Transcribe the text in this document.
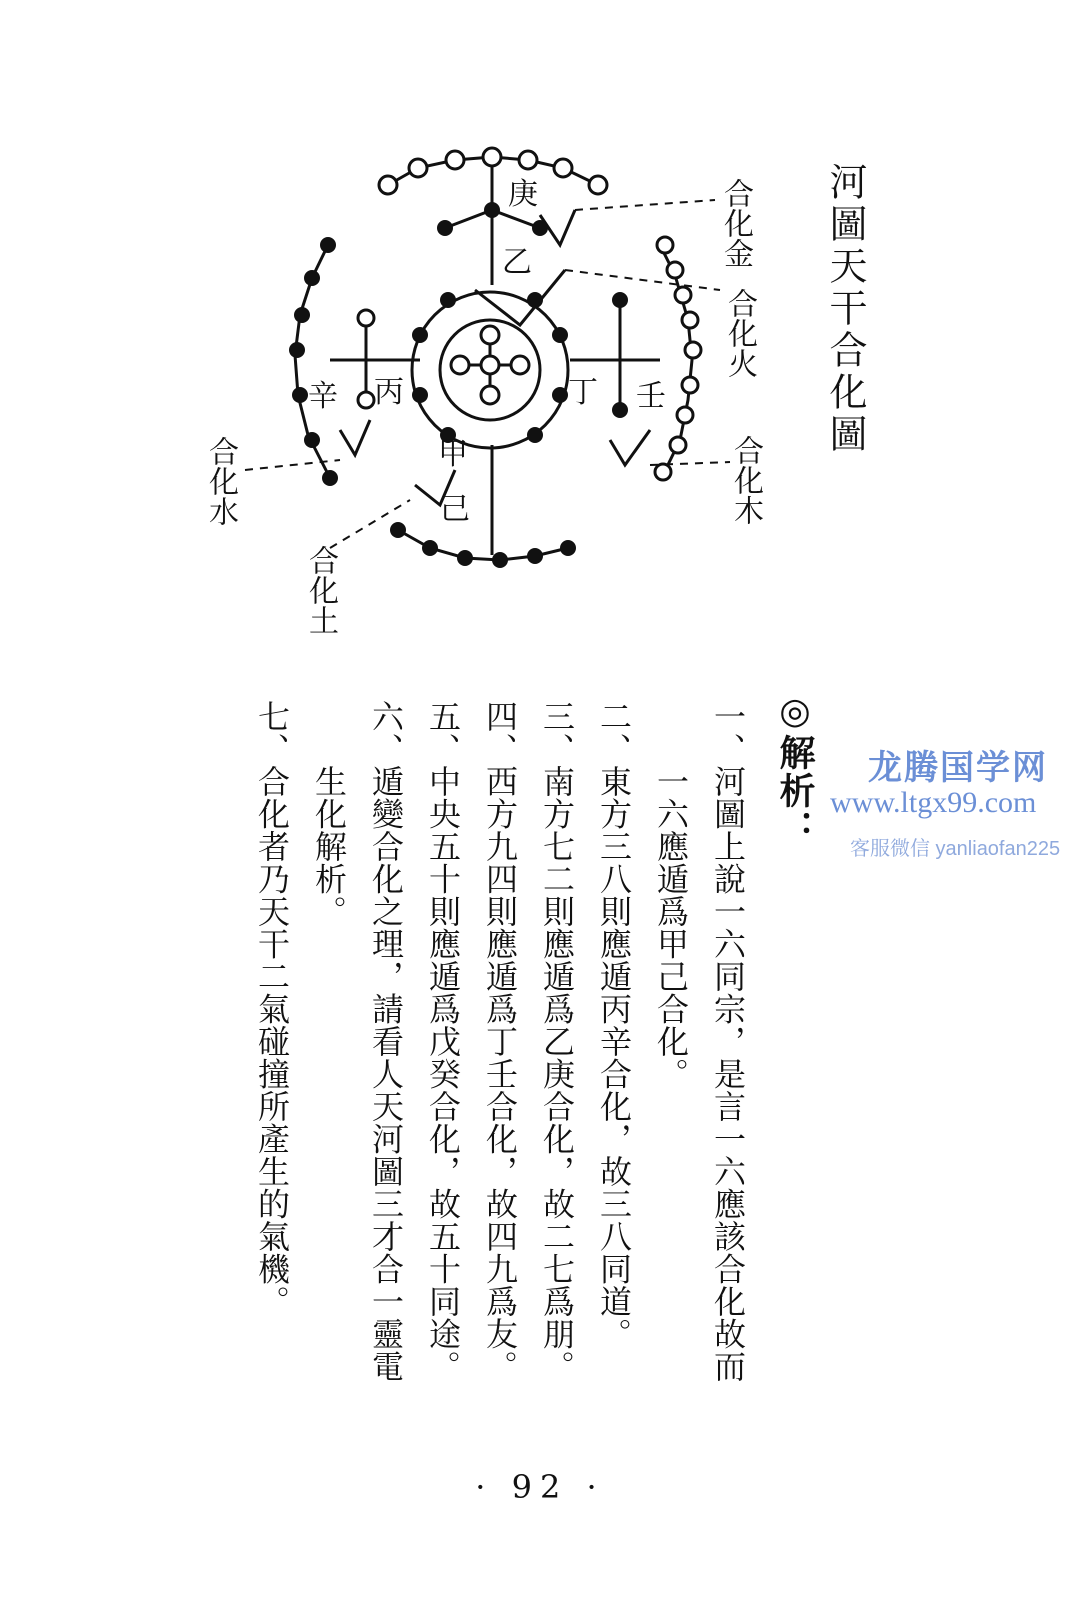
庚
乙
丙
辛	丁 壬
甲
己
河圖天干合化圖
合化金
合化火
合化木
合化水
合化土
◎解析：
一、河圖上說一六同宗，是言一六應該合化故而
一六應遁爲甲己合化。
二、東方三八則應遁丙辛合化，故三八同道。
三、南方七二則應遁爲乙庚合化，故二七爲朋。
四、西方九四則應遁爲丁壬合化，故四九爲友。
五、中央五十則應遁爲戊癸合化，故五十同途。
六、遁變合化之理，請看人天河圖三才合一靈電
生化解析。
七、合化者乃天干二氣碰撞所產生的氣機。	龙腾国学网
www.ltgx99.com
客服微信 yanliaofan225
· 92 ·
